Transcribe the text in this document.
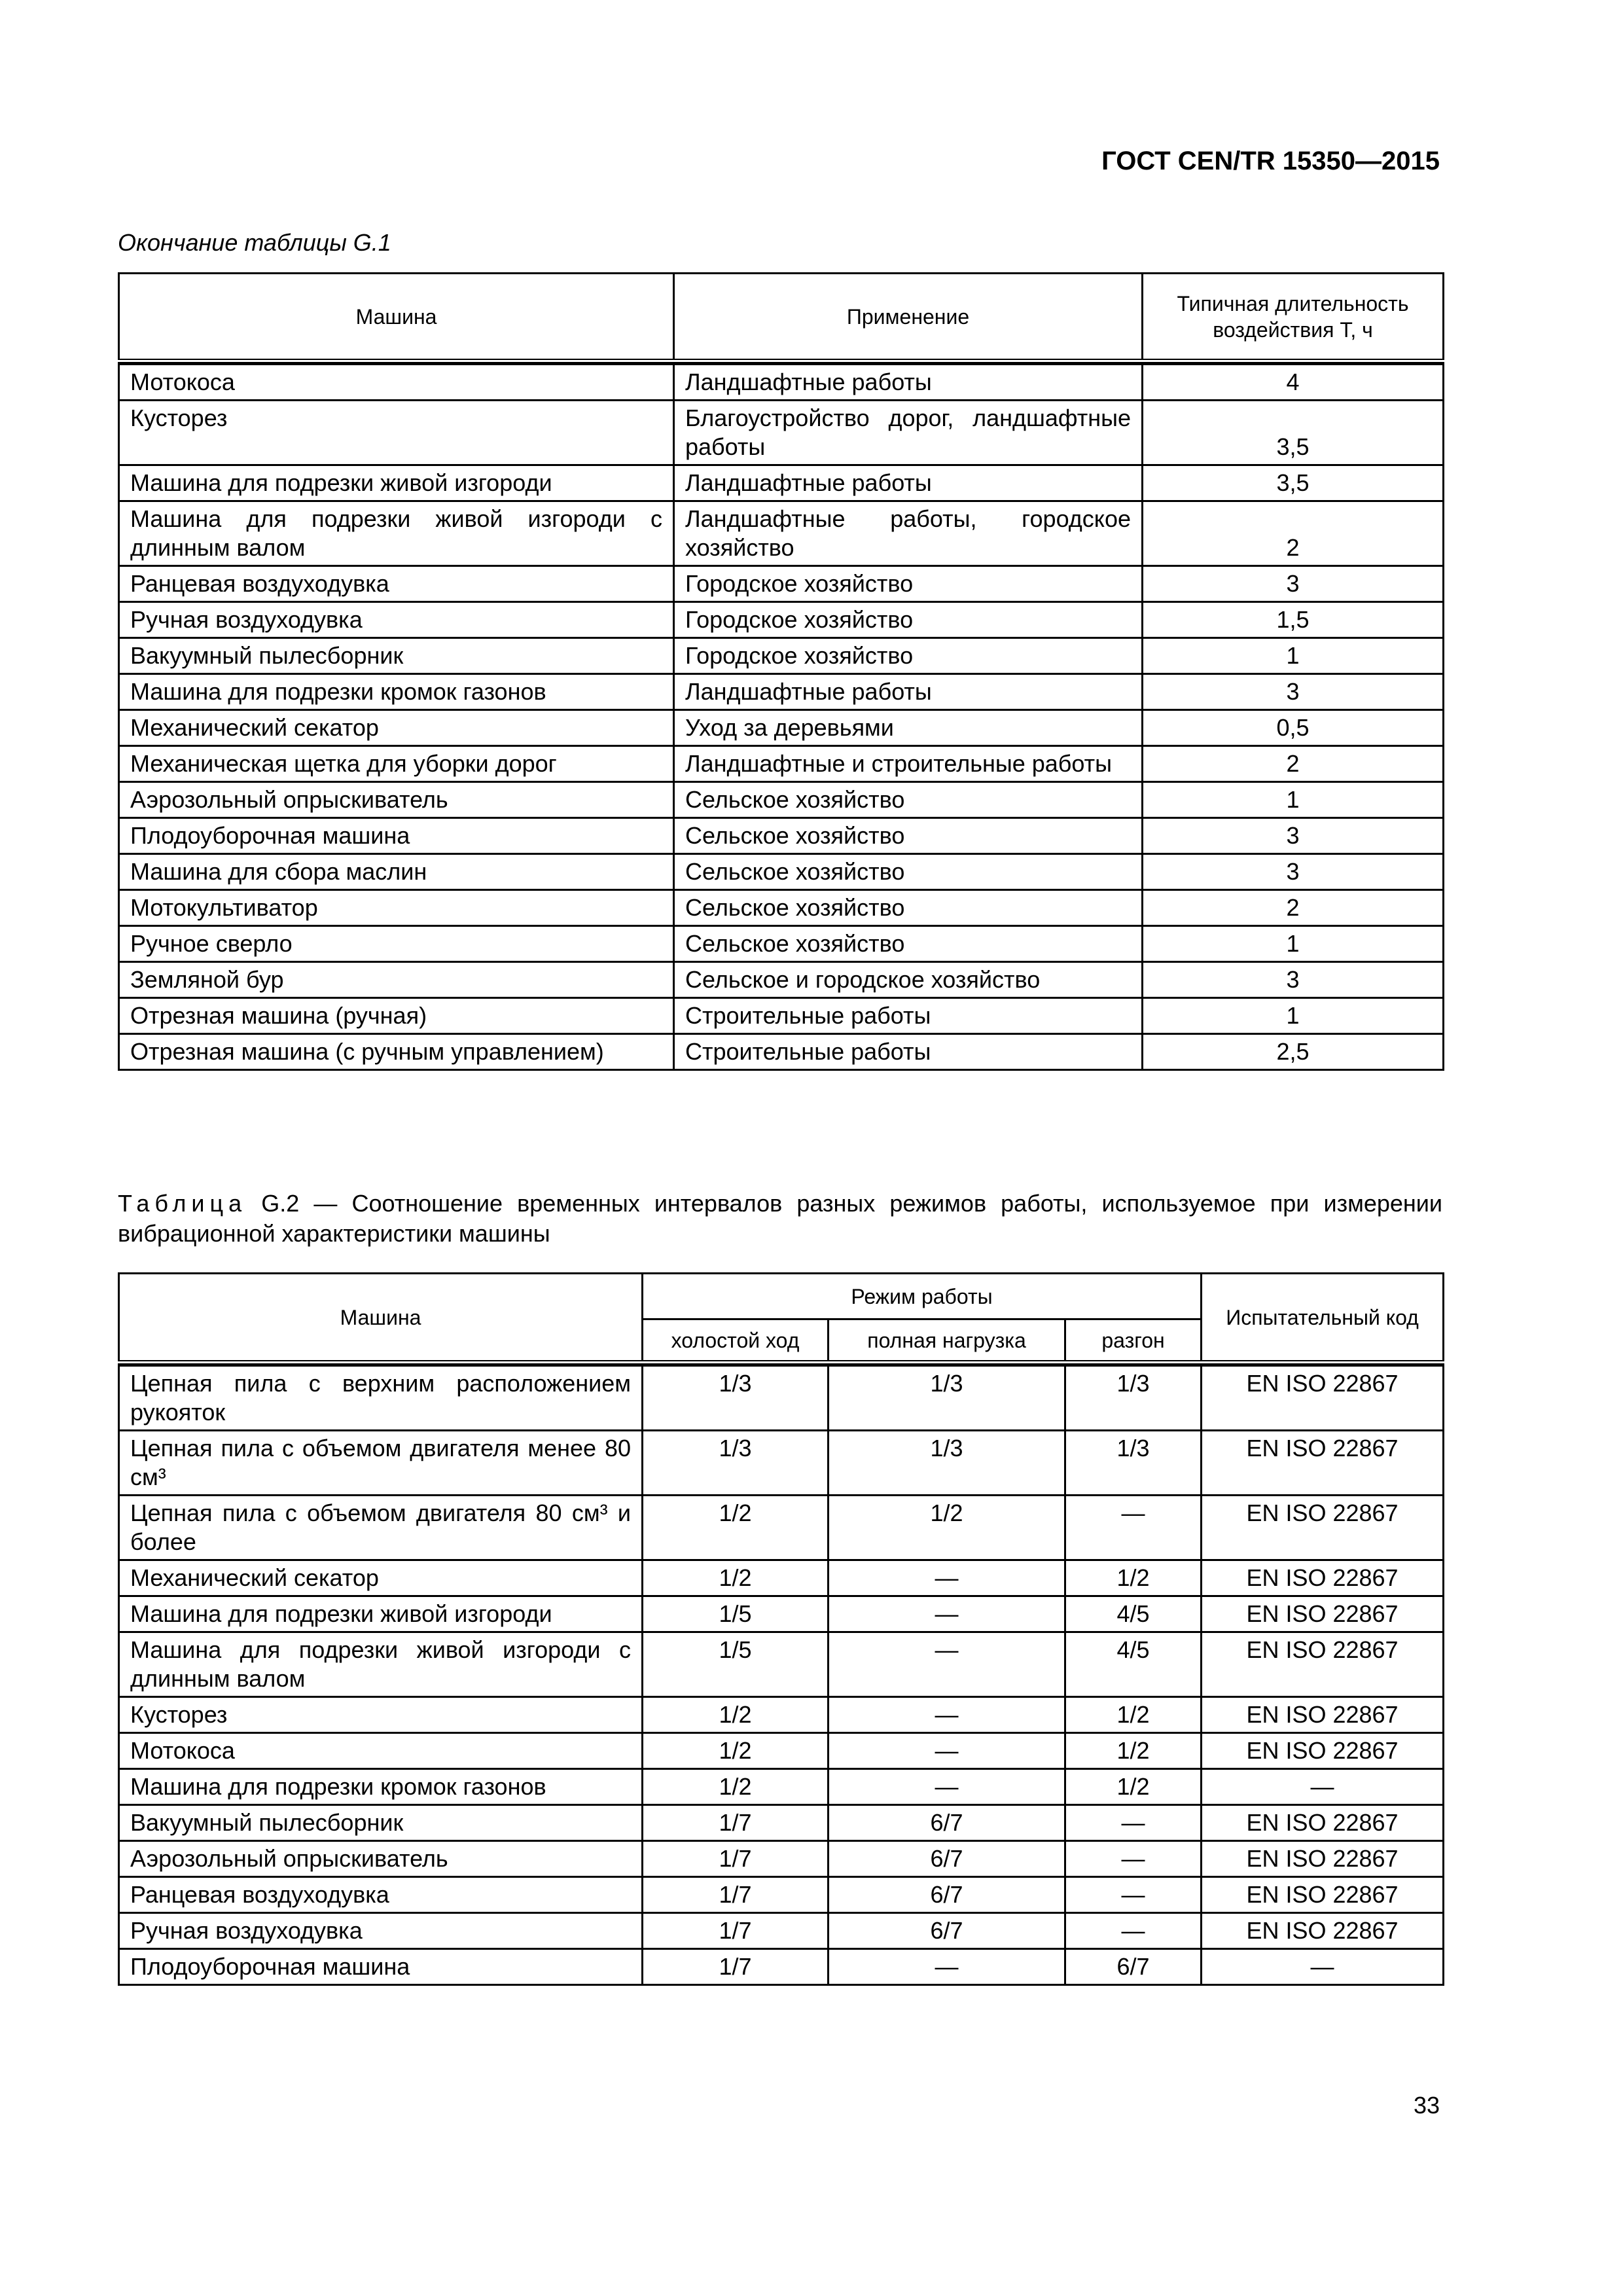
ГОСТ CEN/TR 15350—2015
Окончание таблицы G.1
Машина	Применение	Типичная длительность воздействия T, ч

Мотокоса	Ландшафтные работы	4
Кусторез	Благоустройство дорог, ландшафтные работы	3,5
Машина для подрезки живой изгороди	Ландшафтные работы	3,5
Машина для подрезки живой изгороди с длинным валом	Ландшафтные работы, городское хозяйство	2
Ранцевая воздуходувка	Городское хозяйство	3
Ручная воздуходувка	Городское хозяйство	1,5
Вакуумный пылесборник	Городское хозяйство	1
Машина для подрезки кромок газонов	Ландшафтные работы	3
Механический секатор	Уход за деревьями	0,5
Механическая щетка для уборки дорог	Ландшафтные и строительные работы	2
Аэрозольный опрыскиватель	Сельское хозяйство	1
Плодоуборочная машина	Сельское хозяйство	3
Машина для сбора маслин	Сельское хозяйство	3
Мотокультиватор	Сельское хозяйство	2
Ручное сверло	Сельское хозяйство	1
Земляной бур	Сельское и городское хозяйство	3
Отрезная машина (ручная)	Строительные работы	1
Отрезная машина (с ручным управлением)	Строительные работы	2,5
Таблица G.2 — Соотношение временных интервалов разных режимов работы, используемое при измерении вибрационной характеристики машины
Машина	Режим работы			Испытательный код
	холостой ход	полная нагрузка	разгон	

Цепная пила с верхним расположением рукояток	1/3	1/3	1/3	EN ISO 22867
Цепная пила с объемом двигателя менее 80 см³	1/3	1/3	1/3	EN ISO 22867
Цепная пила с объемом двигателя 80 см³ и более	1/2	1/2	—	EN ISO 22867
Механический секатор	1/2	—	1/2	EN ISO 22867
Машина для подрезки живой изгороди	1/5	—	4/5	EN ISO 22867
Машина для подрезки живой изгороди с длинным валом	1/5	—	4/5	EN ISO 22867
Кусторез	1/2	—	1/2	EN ISO 22867
Мотокоса	1/2	—	1/2	EN ISO 22867
Машина для подрезки кромок газонов	1/2	—	1/2	—
Вакуумный пылесборник	1/7	6/7	—	EN ISO 22867
Аэрозольный опрыскиватель	1/7	6/7	—	EN ISO 22867
Ранцевая воздуходувка	1/7	6/7	—	EN ISO 22867
Ручная воздуходувка	1/7	6/7	—	EN ISO 22867
Плодоуборочная машина	1/7	—	6/7	—
33
